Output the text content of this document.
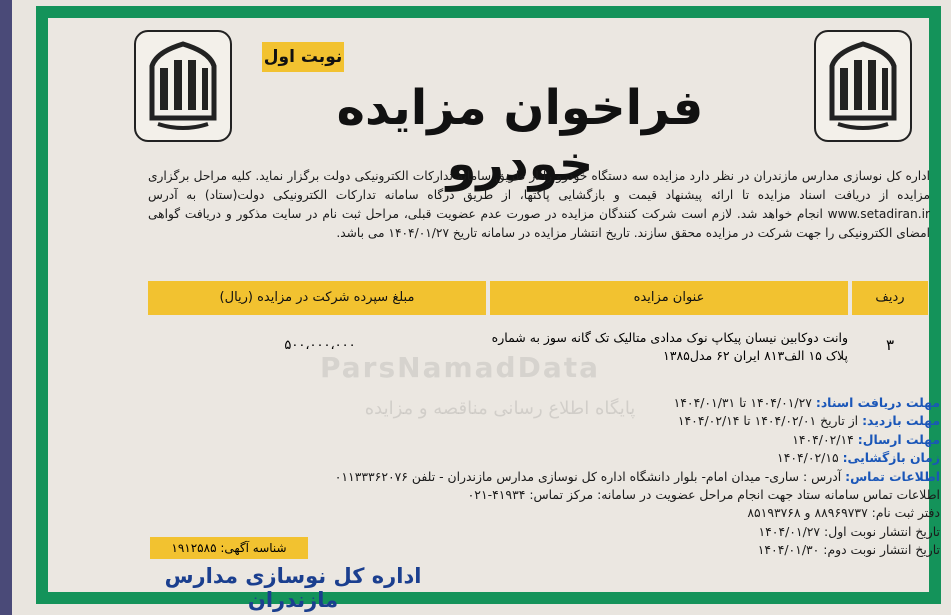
نوبت اول
فراخوان مزایده خودرو
اداره کل نوسازی مدارس مازندران در نظر دارد مزایده سه دستگاه خودرو را از طریق سامانه تدارکات الکترونیکی دولت برگزار نماید. کلیه مراحل برگزاری مزایده از دریافت اسناد مزایده تا ارائه پیشنهاد قیمت و بازگشایی پاکتها، از طریق درگاه سامانه تدارکات الکترونیکی دولت(ستاد) به آدرس www.setadiran.ir انجام خواهد شد. لازم است شرکت کنندگان مزایده در صورت عدم عضویت قبلی، مراحل ثبت نام در سایت مذکور و دریافت گواهی امضای الکترونیکی را جهت شرکت در مزایده محقق سازند. تاریخ انتشار مزایده در سامانه تاریخ ۱۴۰۴/۰۱/۲۷ می باشد.
ردیف
عنوان مزایده
مبلغ سپرده شرکت در مزایده (ریال)
۳
وانت دوکابین نیسان پیکاپ نوک مدادی متالیک تک گانه سوز به شماره پلاک ۱۵ الف۸۱۳ ایران ۶۲ مدل۱۳۸۵
۵۰۰،۰۰۰،۰۰۰
ParsNamadData
پایگاه اطلاع رسانی مناقصه و مزایده	مهلت دریافت اسناد: ۱۴۰۴/۰۱/۲۷ تا ۱۴۰۴/۰۱/۳۱
مهلت بازدید: از تاریخ ۱۴۰۴/۰۲/۰۱ تا ۱۴۰۴/۰۲/۱۴
مهلت ارسال: ۱۴۰۴/۰۲/۱۴
زمان بازگشایی: ۱۴۰۴/۰۲/۱۵
اطلاعات تماس: آدرس : ساری- میدان امام- بلوار دانشگاه اداره کل نوسازی مدارس مازندران - تلفن ۰۱۱۳۳۳۶۲۰۷۶
اطلاعات تماس سامانه ستاد جهت انجام مراحل عضویت در سامانه: مرکز تماس: ۴۱۹۳۴-۰۲۱
دفتر ثبت نام: ۸۸۹۶۹۷۳۷ و ۸۵۱۹۳۷۶۸
تاریخ انتشار نوبت اول: ۱۴۰۴/۰۱/۲۷
تاریخ انتشار نوبت دوم: ۱۴۰۴/۰۱/۳۰
شناسه آگهی: ۱۹۱۲۵۸۵
اداره کل نوسازی مدارس مازندران
